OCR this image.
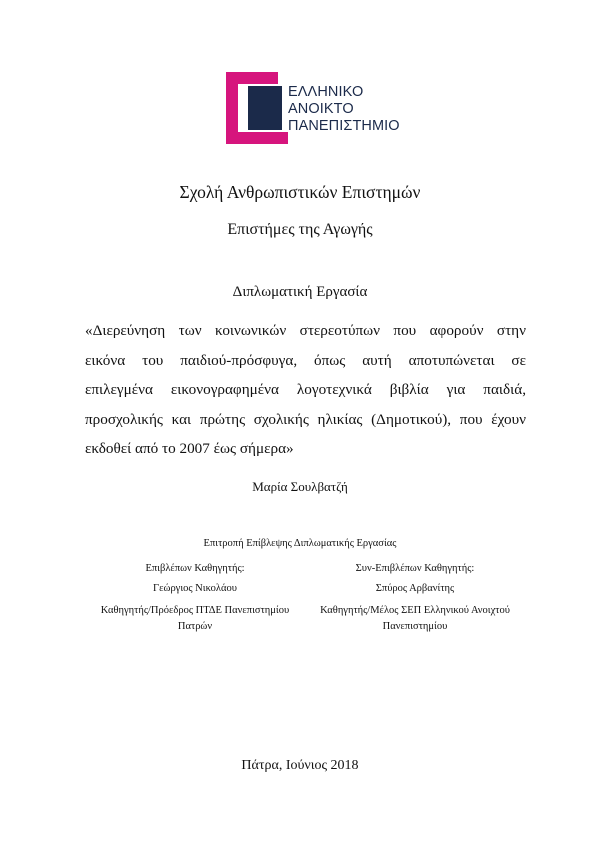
ΕΛΛΗΝΙΚΟ
ΑΝΟΙΚΤΟ
ΠΑΝΕΠΙΣΤΗΜΙΟ
Σχολή Ανθρωπιστικών Επιστημών
Επιστήμες της Αγωγής
Διπλωματική Εργασία
«Διερεύνηση των κοινωνικών στερεοτύπων που αφορούν στην
εικόνα του παιδιού-πρόσφυγα, όπως αυτή αποτυπώνεται σε
επιλεγμένα εικονογραφημένα λογοτεχνικά βιβλία για παιδιά,
προσχολικής και πρώτης σχολικής ηλικίας (Δημοτικού), που έχουν
εκδοθεί από το 2007 έως σήμερα»
Μαρία Σουλβατζή
Επιτροπή Επίβλεψης Διπλωματικής Εργασίας
Επιβλέπων Καθηγητής:
Γεώργιος Νικολάου
Καθηγητής/Πρόεδρος ΠΤΔΕ Πανεπιστημίου
Πατρών
Συν-Επιβλέπων Καθηγητής:
Σπύρος Αρβανίτης
Καθηγητής/Μέλος ΣΕΠ Ελληνικού Ανοιχτού
Πανεπιστημίου
Πάτρα, Ιούνιος 2018
